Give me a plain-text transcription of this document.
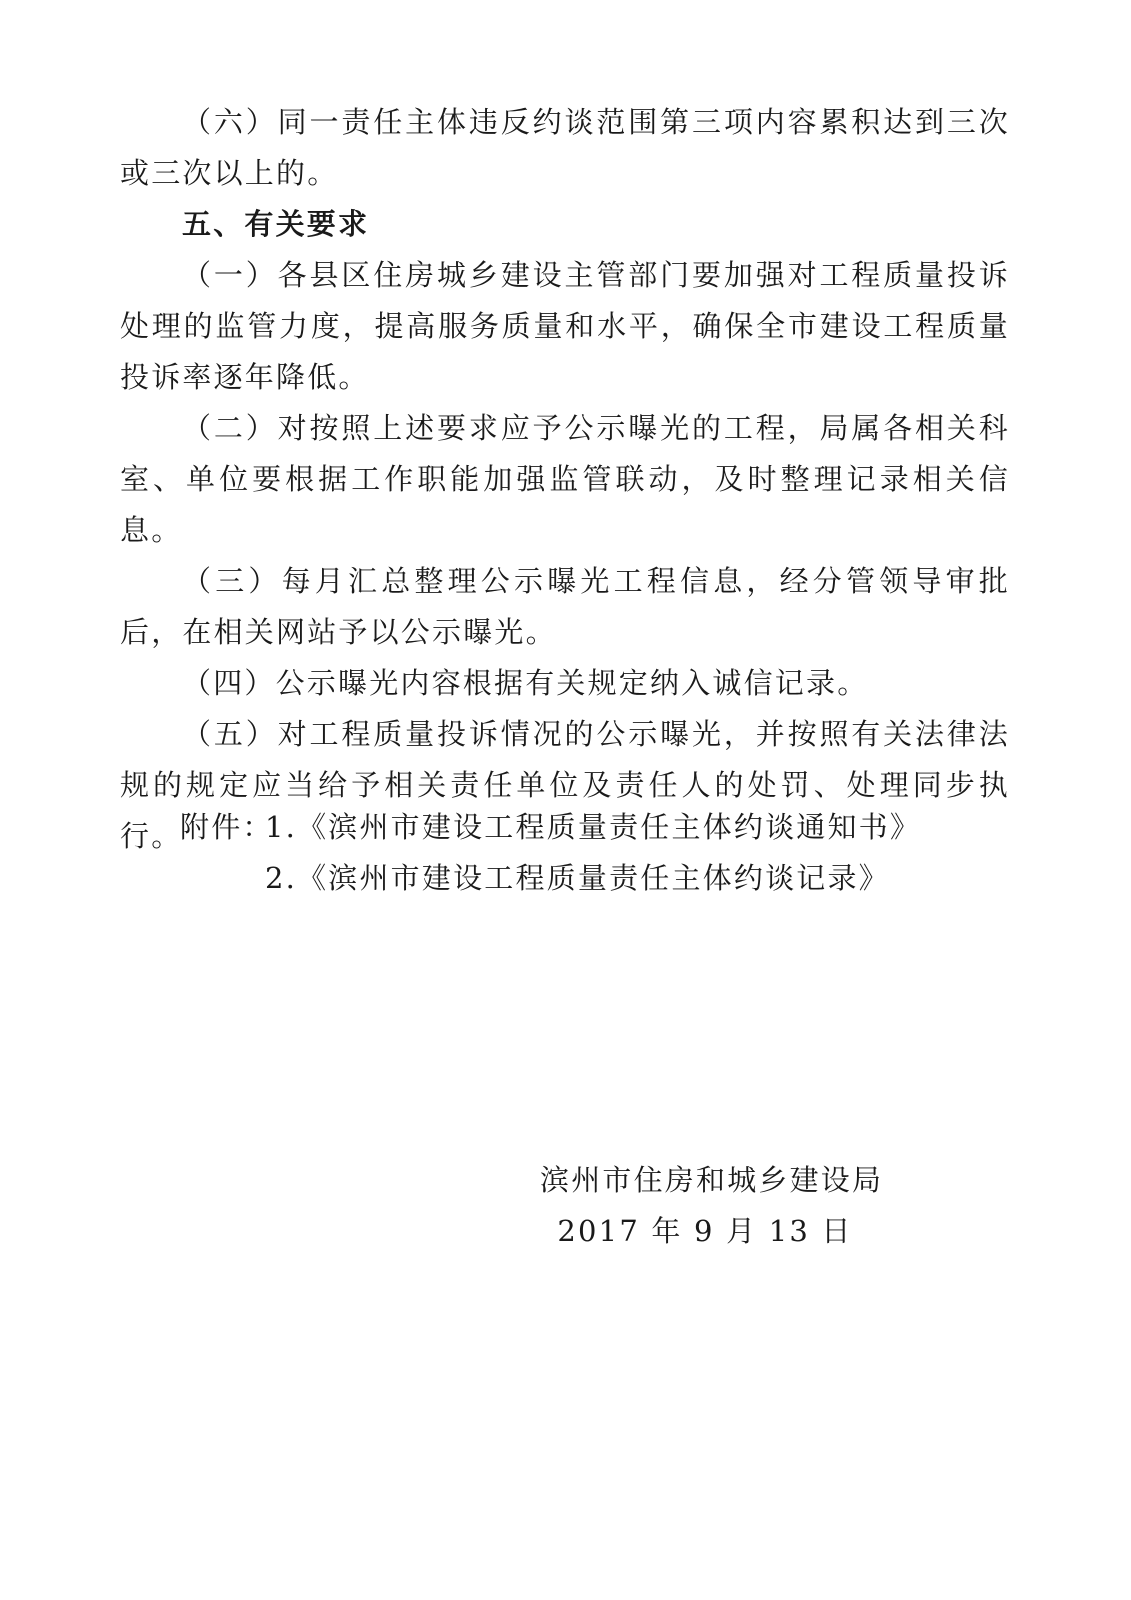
（六）同一责任主体违反约谈范围第三项内容累积达到三次或三次以上的。

五、有关要求

（一）各县区住房城乡建设主管部门要加强对工程质量投诉处理的监管力度，提高服务质量和水平，确保全市建设工程质量投诉率逐年降低。

（二）对按照上述要求应予公示曝光的工程，局属各相关科室、单位要根据工作职能加强监管联动，及时整理记录相关信息。

（三）每月汇总整理公示曝光工程信息，经分管领导审批后，在相关网站予以公示曝光。

（四）公示曝光内容根据有关规定纳入诚信记录。

（五）对工程质量投诉情况的公示曝光，并按照有关法律法规的规定应当给予相关责任单位及责任人的处罚、处理同步执行。

附件：
1.《滨州市建设工程质量责任主体约谈通知书》
2.《滨州市建设工程质量责任主体约谈记录》
滨州市住房和城乡建设局
2017 年 9 月 13 日
